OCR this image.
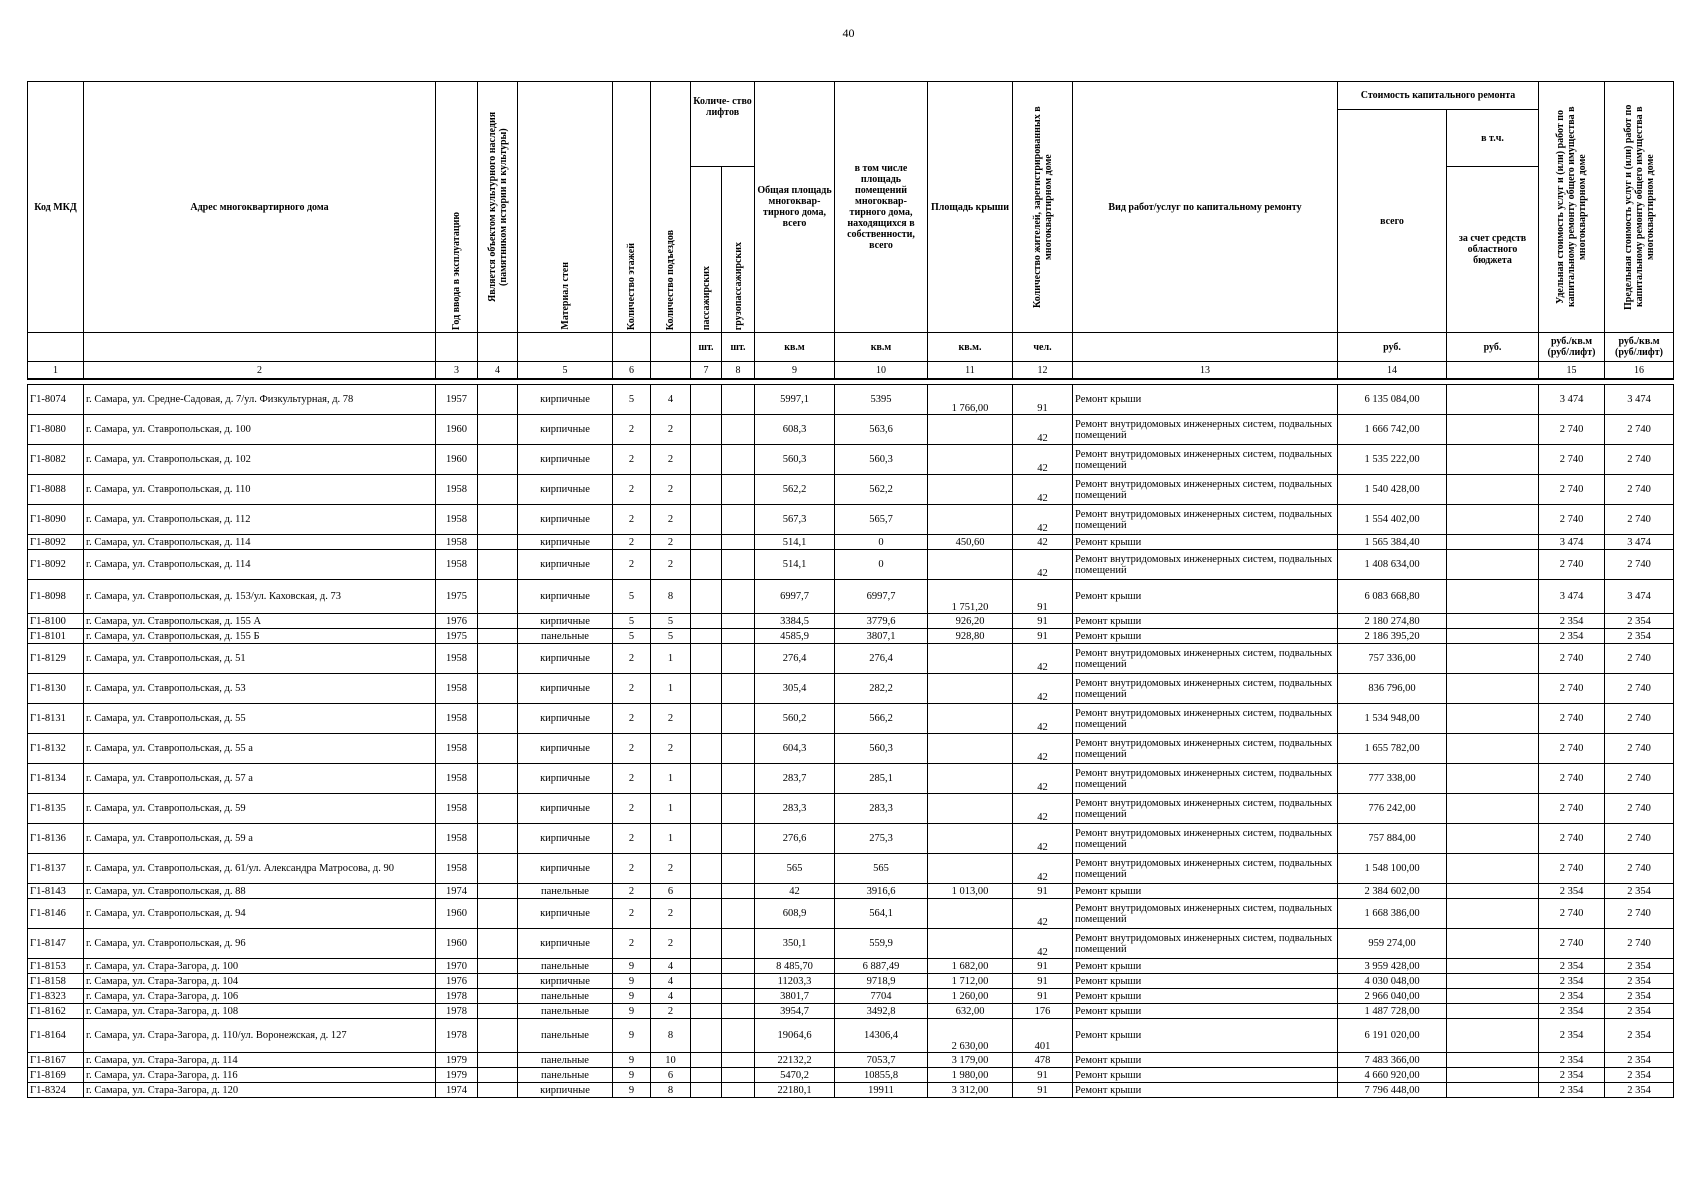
40
Код МКД	Адрес многоквартирного дома	Год ввода в эксплуатацию	Является объектом культурного наследия (памятником истории и культуры)	Материал стен	Количество этажей	Количество подъездов	Количе- ство лифтов		Общая площадь многоквар- тирного дома, всего	в том числе площадь помещений многоквар- тирного дома, находящихся в собственности, всего	Площадь крыши	Количество жителей, зарегистрированных в многоквартирном доме	Вид работ/услуг по капитальному ремонту	Стоимость капитального ремонта		Удельная стоимость услуг и (или) работ по капитальному ремонту общего имущества в многоквартирном доме	Предельная стоимость услуг и (или) работ по капитальному ремонту общего имущества в многоквартирном доме

														всего	в т.ч.		

							пассажирских	грузопассажирских							за счет средств областного бюджета		
							шт.	шт.	кв.м	кв.м	кв.м.	чел.		руб.	руб.	руб./кв.м (руб/лифт)	руб./кв.м (руб/лифт)
1	2	3	4	5	6		7	8	9	10	11	12	13	14		15	16

Г1-8074	г. Самара, ул. Средне-Садовая, д. 7/ул. Физкультурная, д. 78	1957		кирпичные	5	4			5997,1	5395	1 766,00	91	Ремонт крыши	6 135 084,00		3 474	3 474
Г1-8080	г. Самара, ул. Ставропольская, д. 100	1960		кирпичные	2	2			608,3	563,6		42	Ремонт внутридомовых инженерных систем, подвальных помещений	1 666 742,00		2 740	2 740
Г1-8082	г. Самара, ул. Ставропольская, д. 102	1960		кирпичные	2	2			560,3	560,3		42	Ремонт внутридомовых инженерных систем, подвальных помещений	1 535 222,00		2 740	2 740
Г1-8088	г. Самара, ул. Ставропольская, д. 110	1958		кирпичные	2	2			562,2	562,2		42	Ремонт внутридомовых инженерных систем, подвальных помещений	1 540 428,00		2 740	2 740
Г1-8090	г. Самара, ул. Ставропольская, д. 112	1958		кирпичные	2	2			567,3	565,7		42	Ремонт внутридомовых инженерных систем, подвальных помещений	1 554 402,00		2 740	2 740
Г1-8092	г. Самара, ул. Ставропольская, д. 114	1958		кирпичные	2	2			514,1	0	450,60	42	Ремонт крыши	1 565 384,40		3 474	3 474
Г1-8092	г. Самара, ул. Ставропольская, д. 114	1958		кирпичные	2	2			514,1	0		42	Ремонт внутридомовых инженерных систем, подвальных помещений	1 408 634,00		2 740	2 740
Г1-8098	г. Самара, ул. Ставропольская, д. 153/ул. Каховская, д. 73	1975		кирпичные	5	8			6997,7	6997,7	1 751,20	91	Ремонт крыши	6 083 668,80		3 474	3 474
Г1-8100	г. Самара, ул. Ставропольская, д. 155 А	1976		кирпичные	5	5			3384,5	3779,6	926,20	91	Ремонт крыши	2 180 274,80		2 354	2 354
Г1-8101	г. Самара, ул. Ставропольская, д. 155 Б	1975		панельные	5	5			4585,9	3807,1	928,80	91	Ремонт крыши	2 186 395,20		2 354	2 354
Г1-8129	г. Самара, ул. Ставропольская, д. 51	1958		кирпичные	2	1			276,4	276,4		42	Ремонт внутридомовых инженерных систем, подвальных помещений	757 336,00		2 740	2 740
Г1-8130	г. Самара, ул. Ставропольская, д. 53	1958		кирпичные	2	1			305,4	282,2		42	Ремонт внутридомовых инженерных систем, подвальных помещений	836 796,00		2 740	2 740
Г1-8131	г. Самара, ул. Ставропольская, д. 55	1958		кирпичные	2	2			560,2	566,2		42	Ремонт внутридомовых инженерных систем, подвальных помещений	1 534 948,00		2 740	2 740
Г1-8132	г. Самара, ул. Ставропольская, д. 55 а	1958		кирпичные	2	2			604,3	560,3		42	Ремонт внутридомовых инженерных систем, подвальных помещений	1 655 782,00		2 740	2 740
Г1-8134	г. Самара, ул. Ставропольская, д. 57 а	1958		кирпичные	2	1			283,7	285,1		42	Ремонт внутридомовых инженерных систем, подвальных помещений	777 338,00		2 740	2 740
Г1-8135	г. Самара, ул. Ставропольская, д. 59	1958		кирпичные	2	1			283,3	283,3		42	Ремонт внутридомовых инженерных систем, подвальных помещений	776 242,00		2 740	2 740
Г1-8136	г. Самара, ул. Ставропольская, д. 59 а	1958		кирпичные	2	1			276,6	275,3		42	Ремонт внутридомовых инженерных систем, подвальных помещений	757 884,00		2 740	2 740
Г1-8137	г. Самара, ул. Ставропольская, д. 61/ул. Александра Матросова, д. 90	1958		кирпичные	2	2			565	565		42	Ремонт внутридомовых инженерных систем, подвальных помещений	1 548 100,00		2 740	2 740
Г1-8143	г. Самара, ул. Ставропольская, д. 88	1974		панельные	2	6			42	3916,6	1 013,00	91	Ремонт крыши	2 384 602,00		2 354	2 354
Г1-8146	г. Самара, ул. Ставропольская, д. 94	1960		кирпичные	2	2			608,9	564,1		42	Ремонт внутридомовых инженерных систем, подвальных помещений	1 668 386,00		2 740	2 740
Г1-8147	г. Самара, ул. Ставропольская, д. 96	1960		кирпичные	2	2			350,1	559,9		42	Ремонт внутридомовых инженерных систем, подвальных помещений	959 274,00		2 740	2 740
Г1-8153	г. Самара, ул. Стара-Загора, д. 100	1970		панельные	9	4			8 485,70	6 887,49	1 682,00	91	Ремонт крыши	3 959 428,00		2 354	2 354
Г1-8158	г. Самара, ул. Стара-Загора, д. 104	1976		кирпичные	9	4			11203,3	9718,9	1 712,00	91	Ремонт крыши	4 030 048,00		2 354	2 354
Г1-8323	г. Самара, ул. Стара-Загора, д. 106	1978		панельные	9	4			3801,7	7704	1 260,00	91	Ремонт крыши	2 966 040,00		2 354	2 354
Г1-8162	г. Самара, ул. Стара-Загора, д. 108	1978		панельные	9	2			3954,7	3492,8	632,00	176	Ремонт крыши	1 487 728,00		2 354	2 354
Г1-8164	г. Самара, ул. Стара-Загора, д. 110/ул. Воронежская, д. 127	1978		панельные	9	8			19064,6	14306,4	2 630,00	401	Ремонт крыши	6 191 020,00		2 354	2 354
Г1-8167	г. Самара, ул. Стара-Загора, д. 114	1979		панельные	9	10			22132,2	7053,7	3 179,00	478	Ремонт крыши	7 483 366,00		2 354	2 354
Г1-8169	г. Самара, ул. Стара-Загора, д. 116	1979		панельные	9	6			5470,2	10855,8	1 980,00	91	Ремонт крыши	4 660 920,00		2 354	2 354
Г1-8324	г. Самара, ул. Стара-Загора, д. 120	1974		кирпичные	9	8			22180,1	19911	3 312,00	91	Ремонт крыши	7 796 448,00		2 354	2 354
